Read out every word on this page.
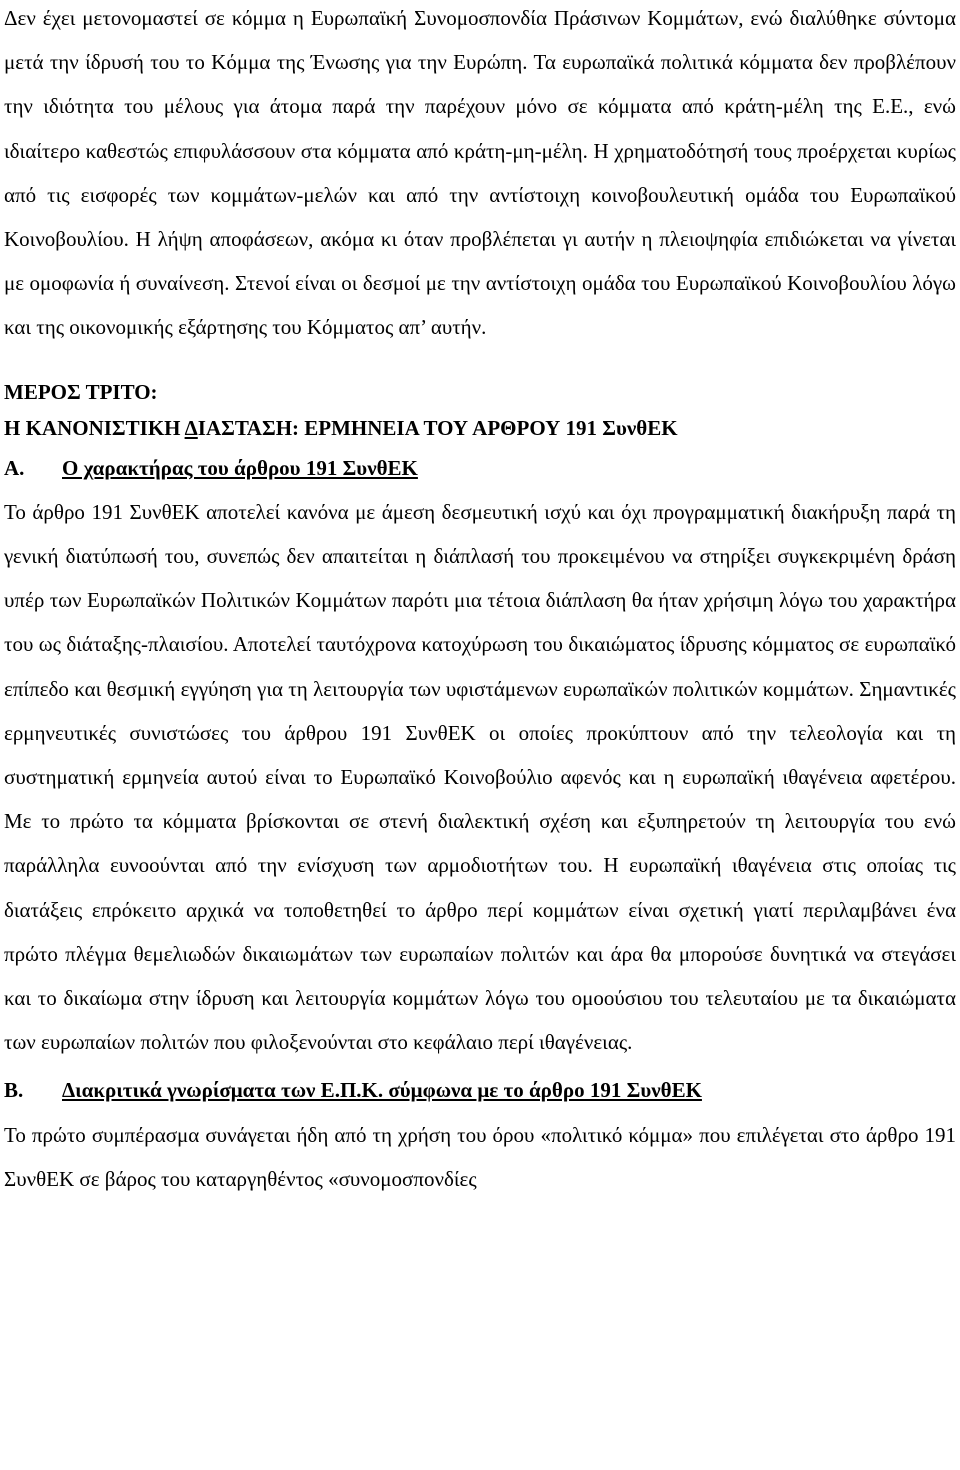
Δεν έχει μετονομαστεί σε κόμμα η Ευρωπαϊκή Συνομοσπονδία Πράσινων Κομμάτων, ενώ διαλύθηκε σύντομα μετά την ίδρυσή του το Κόμμα της Ένωσης για την Ευρώπη. Τα ευρωπαϊκά πολιτικά κόμματα δεν προβλέπουν την ιδιότητα του μέλους για άτομα παρά την παρέχουν μόνο σε κόμματα από κράτη-μέλη της Ε.Ε., ενώ ιδιαίτερο καθεστώς επιφυλάσσουν στα κόμματα από κράτη-μη-μέλη. Η χρηματοδότησή τους προέρχεται κυρίως από τις εισφορές των κομμάτων-μελών και από την αντίστοιχη κοινοβουλευτική ομάδα του Ευρωπαϊκού Κοινοβουλίου. Η λήψη αποφάσεων, ακόμα κι όταν προβλέπεται γι αυτήν η πλειοψηφία επιδιώκεται να γίνεται με ομοφωνία ή συναίνεση. Στενοί είναι οι δεσμοί με την αντίστοιχη ομάδα του Ευρωπαϊκού Κοινοβουλίου λόγω και της οικονομικής εξάρτησης του Κόμματος απ’ αυτήν.

ΜΕΡΟΣ ΤΡΙΤΟ:

Η ΚΑΝΟΝΙΣΤΙΚΗ ΔΙΑΣΤΑΣΗ: ΕΡΜΗΝΕΙΑ ΤΟΥ ΑΡΘΡΟΥ 191 ΣυνθΕΚ

Α. Ο χαρακτήρας του άρθρου 191 ΣυνθΕΚ

Το άρθρο 191 ΣυνθΕΚ αποτελεί κανόνα με άμεση δεσμευτική ισχύ και όχι προγραμματική διακήρυξη παρά τη γενική διατύπωσή του, συνεπώς δεν απαιτείται η διάπλασή του προκειμένου να στηρίξει συγκεκριμένη δράση υπέρ των Ευρωπαϊκών Πολιτικών Κομμάτων παρότι μια τέτοια διάπλαση θα ήταν χρήσιμη λόγω του χαρακτήρα του ως διάταξης-πλαισίου. Αποτελεί ταυτόχρονα κατοχύρωση του δικαιώματος ίδρυσης κόμματος σε ευρωπαϊκό επίπεδο και θεσμική εγγύηση για τη λειτουργία των υφιστάμενων ευρωπαϊκών πολιτικών κομμάτων. Σημαντικές ερμηνευτικές συνιστώσες του άρθρου 191 ΣυνθΕΚ οι οποίες προκύπτουν από την τελεολογία και τη συστηματική ερμηνεία αυτού είναι το Ευρωπαϊκό Κοινοβούλιο αφενός και η ευρωπαϊκή ιθαγένεια αφετέρου. Με το πρώτο τα κόμματα βρίσκονται σε στενή διαλεκτική σχέση και εξυπηρετούν τη λειτουργία του ενώ παράλληλα ευνοούνται από την ενίσχυση των αρμοδιοτήτων του. Η ευρωπαϊκή ιθαγένεια στις οποίας τις διατάξεις επρόκειτο αρχικά να τοποθετηθεί το άρθρο περί κομμάτων είναι σχετική γιατί περιλαμβάνει ένα πρώτο πλέγμα θεμελιωδών δικαιωμάτων των ευρωπαίων πολιτών και άρα θα μπορούσε δυνητικά να στεγάσει και το δικαίωμα στην ίδρυση και λειτουργία κομμάτων λόγω του ομοούσιου του τελευταίου με τα δικαιώματα των ευρωπαίων πολιτών που φιλοξενούνται στο κεφάλαιο περί ιθαγένειας.

Β. Διακριτικά γνωρίσματα των Ε.Π.Κ. σύμφωνα με το άρθρο 191 ΣυνθΕΚ

Το πρώτο συμπέρασμα συνάγεται ήδη από τη χρήση του όρου «πολιτικό κόμμα» που επιλέγεται στο άρθρο 191 ΣυνθΕΚ σε βάρος του καταργηθέντος «συνομοσπονδίες
